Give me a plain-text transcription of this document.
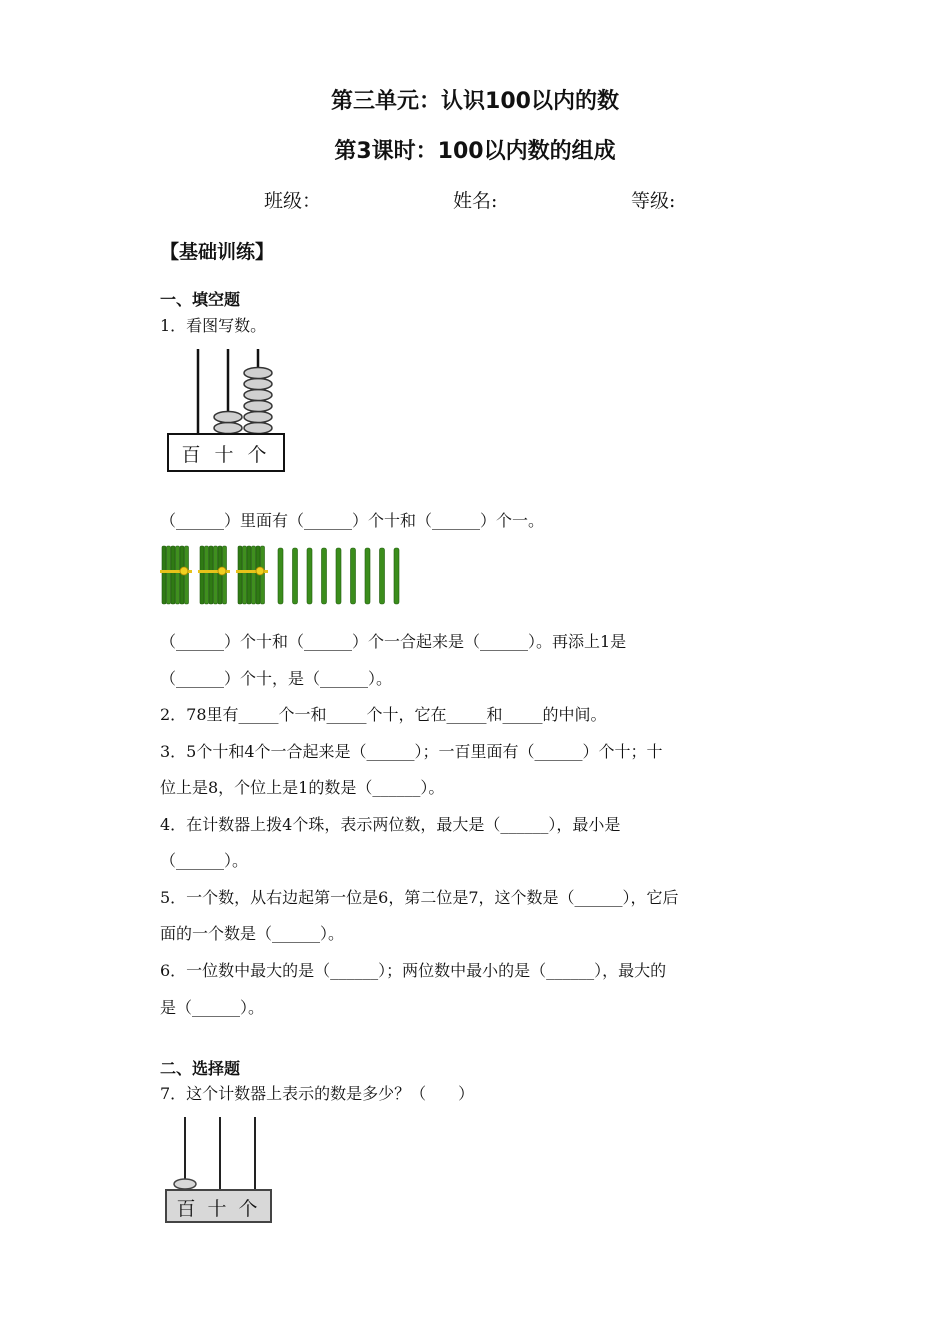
第三单元：认识100以内的数
第3课时：100以内数的组成
班级：	姓名:	等级:
【基础训练】
一、填空题
1．看图写数。
百 十 个
（______）里面有（______）个十和（______）个一。
（______）个十和（______）个一合起来是（______）。再添上1是
（______）个十，是（______）。
2．78里有_____个一和_____个十，它在_____和_____的中间。
3．5个十和4个一合起来是（______）；一百里面有（______）个十；十
位上是8，个位上是1的数是（______）。
4．在计数器上拨4个珠，表示两位数，最大是（______），最小是
（______）。
5．一个数，从右边起第一位是6，第二位是7，这个数是（______），它后
面的一个数是（______）。
6．一位数中最大的是（______）；两位数中最小的是（______），最大的
是（______）。
二、选择题
7．这个计数器上表示的数是多少？（　　）
百 十 个
